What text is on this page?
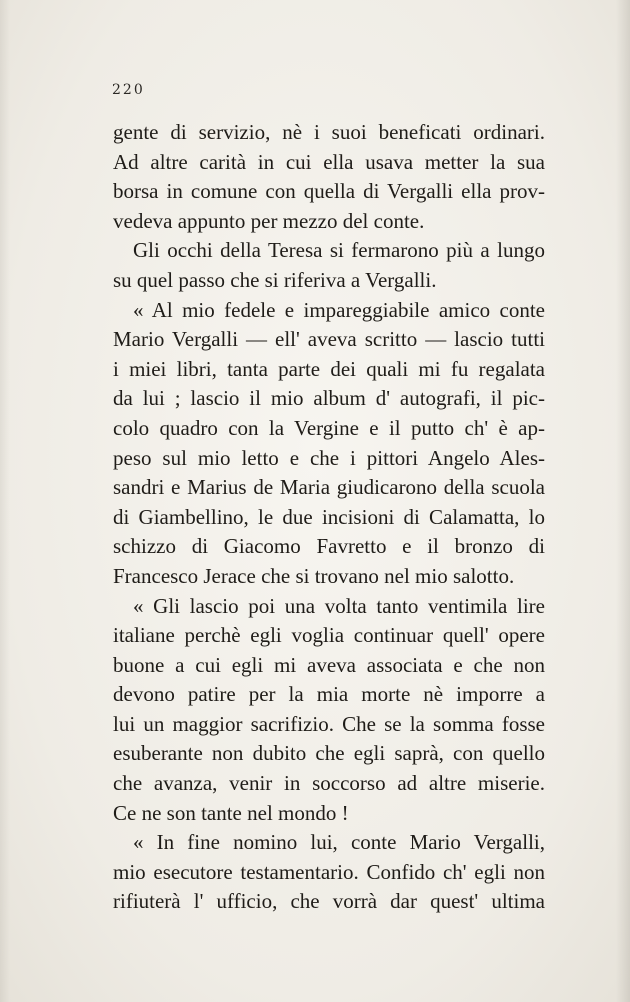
220
gente di servizio, nè i suoi beneficati ordinari.
Ad altre carità in cui ella usava metter la sua
borsa in comune con quella di Vergalli ella prov-
vedeva appunto per mezzo del conte.
Gli occhi della Teresa si fermarono più a lungo
su quel passo che si riferiva a Vergalli.
« Al mio fedele e impareggiabile amico conte
Mario Vergalli — ell' aveva scritto — lascio tutti
i miei libri, tanta parte dei quali mi fu regalata
da lui ; lascio il mio album d' autografi, il pic-
colo quadro con la Vergine e il putto ch' è ap-
peso sul mio letto e che i pittori Angelo Ales-
sandri e Marius de Maria giudicarono della scuola
di Giambellino, le due incisioni di Calamatta, lo
schizzo di Giacomo Favretto e il bronzo di
Francesco Jerace che si trovano nel mio salotto.
« Gli lascio poi una volta tanto ventimila lire
italiane perchè egli voglia continuar quell' opere
buone a cui egli mi aveva associata e che non
devono patire per la mia morte nè imporre a
lui un maggior sacrifizio. Che se la somma fosse
esuberante non dubito che egli saprà, con quello
che avanza, venir in soccorso ad altre miserie.
Ce ne son tante nel mondo !
« In fine nomino lui, conte Mario Vergalli,
mio esecutore testamentario. Confido ch' egli non
rifiuterà l' ufficio, che vorrà dar quest' ultima
